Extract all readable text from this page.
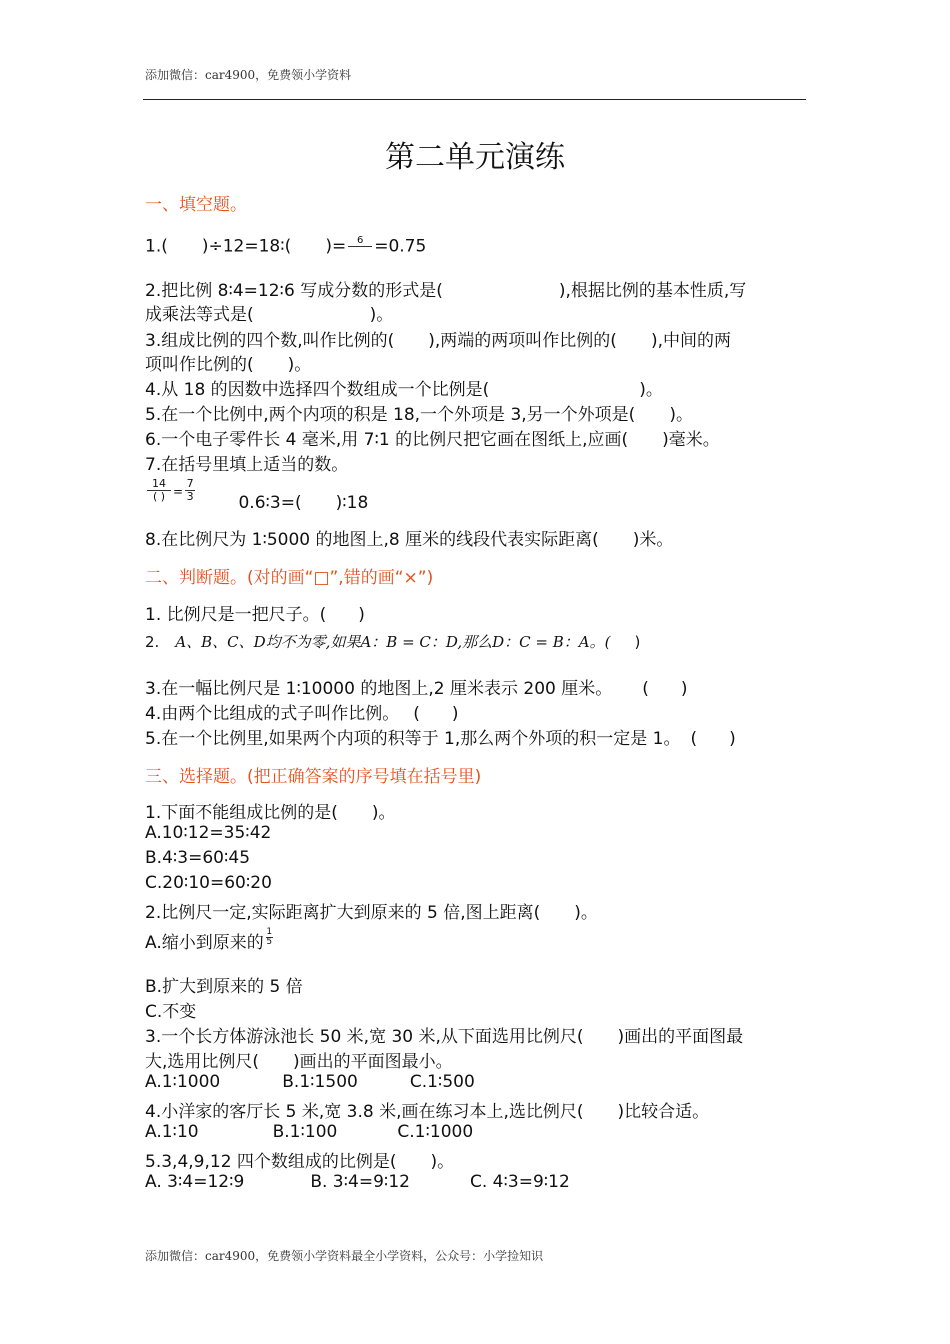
添加微信：car4900，免费领小学资料
第二单元演练
一、填空题。
1.( )÷12=18∶( )=	6
=0.75
2.把比例 8∶4=12∶6 写成分数的形式是(	),根据比例的基本性质,写
成乘法等式是(	)。
3.组成比例的四个数,叫作比例的( ),两端的两项叫作比例的( ),中间的两
项叫作比例的( )。
4.从 18 的因数中选择四个数组成一个比例是(	)。
5.在一个比例中,两个内项的积是 18,一个外项是 3,另一个外项是( )。
6.一个电子零件长 4 毫米,用 7∶1 的比例尺把它画在图纸上,应画( )毫米。
7.在括号里填上适当的数。
$\frac{14}{( )} = \frac{7}{3}$	0.6∶3=( )∶18
8.在比例尺为 1∶5000 的地图上,8 厘米的线段代表实际距离( )米。
二、判断题。(对的画“□”,错的画“×”)
1. 比例尺是一把尺子。( )
2. A、B、C、D均不为零,如果A：B = C：D,那么D：C = B：A。( )
3.在一幅比例尺是 1∶10000 的地图上,2 厘米表示 200 厘米。 ( )
4.由两个比组成的式子叫作比例。 ( )
5.在一个比例里,如果两个内项的积等于 1,那么两个外项的积一定是 1。 ( )
三、选择题。(把正确答案的序号填在括号里)
1.下面不能组成比例的是( )。
A.10∶12=35∶42
B.4∶3=60∶45
C.20∶10=60∶20
2.比例尺一定,实际距离扩大到原来的 5 倍,图上距离( )。
A.缩小到原来的 $\frac{1}{5}$
B.扩大到原来的 5 倍
C.不变
3.一个长方体游泳池长 50 米,宽 30 米,从下面选用比例尺( )画出的平面图最
大,选用比例尺( )画出的平面图最小。
A.1∶1000	B.1∶1500	C.1∶500
4.小洋家的客厅长 5 米,宽 3.8 米,画在练习本上,选比例尺( )比较合适。
A.1∶10	B.1∶100	C.1∶1000
5.3,4,9,12 四个数组成的比例是( )。
A. 3∶4=12∶9	B. 3∶4=9∶12	C. 4∶3=9∶12
添加微信：car4900，免费领小学资料最全小学资料，公众号：小学捡知识
